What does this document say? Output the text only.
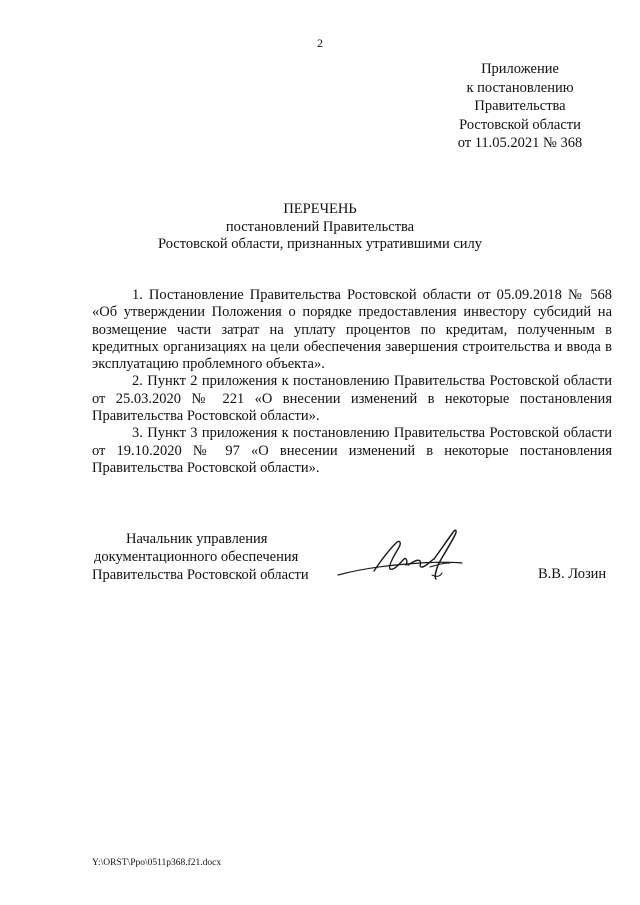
2
Приложение
к постановлению
Правительства
Ростовской области
от 11.05.2021 № 368
ПЕРЕЧЕНЬ
постановлений Правительства
Ростовской области, признанных утратившими силу

1. Постановление Правительства Ростовской области от 05.09.2018 № 568 «Об утверждении Положения о порядке предоставления инвестору субсидий на возмещение части затрат на уплату процентов по кредитам, полученным в кредитных организациях на цели обеспечения завершения строительства и ввода в эксплуатацию проблемного объекта».

2. Пункт 2 приложения к постановлению Правительства Ростовской области от 25.03.2020 № 221 «О внесении изменений в некоторые постановления Правительства Ростовской области».

3. Пункт 3 приложения к постановлению Правительства Ростовской области от 19.10.2020 № 97 «О внесении изменений в некоторые постановления Правительства Ростовской области».

Начальник управления
документационного обеспечения
Правительства Ростовской области	В.В. Лозин
Y:\ORST\Ppo\0511p368.f21.docx
